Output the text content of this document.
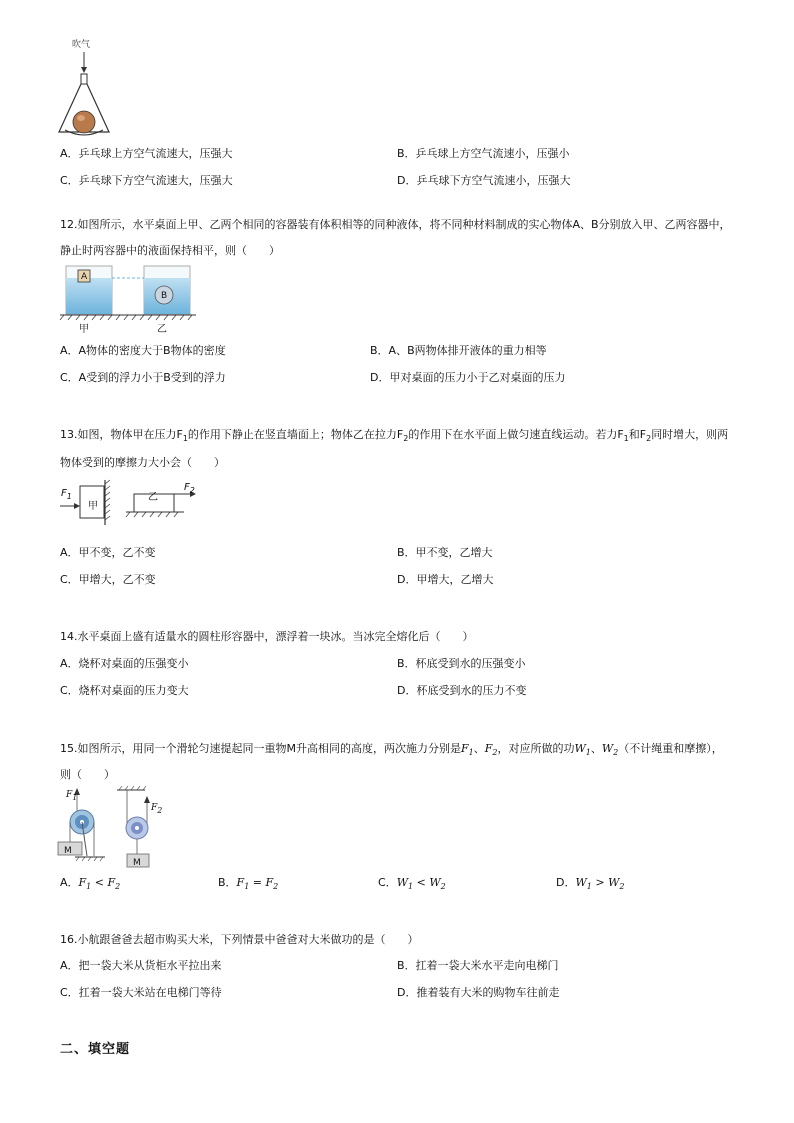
吹气
A．乒乓球上方空气流速大，压强大	B．乒乓球上方空气流速小，压强小
C．乒乓球下方空气流速大，压强大	D．乒乓球下方空气流速小，压强大
12.如图所示，水平桌面上甲、乙两个相同的容器装有体积相等的同种液体，将不同种材料制成的实心物体A、B分别放入甲、乙两容器中，
静止时两容器中的液面保持相平，则（　　）
A
B
甲	乙
A．A物体的密度大于B物体的密度	B．A、B两物体排开液体的重力相等
C．A受到的浮力小于B受到的浮力	D．甲对桌面的压力小于乙对桌面的压力
13.如图，物体甲在压力$F_1$的作用下静止在竖直墙面上；物体乙在拉力$F_2$的作用下在水平面上做匀速直线运动。若力$F_1$和$F_2$同时增大，则两
物体受到的摩擦力大小会（　　）
$F_1$
甲
乙
$F_2$
A．甲不变，乙不变	B．甲不变，乙增大
C．甲增大，乙不变	D．甲增大，乙增大
14.水平桌面上盛有适量水的圆柱形容器中，漂浮着一块冰。当冰完全熔化后（　　）
A．烧杯对桌面的压强变小	B．杯底受到水的压强变小
C．烧杯对桌面的压力变大	D．杯底受到水的压力不变
15.如图所示，用同一个滑轮匀速提起同一重物M升高相同的高度，两次施力分别是$F_1$、$F_2$，对应所做的功$W_1$、$W_2$（不计绳重和摩擦），
则（　　）
$F_1$
$F_2$
M
M
A．$F_1 < F_2$	B．$F_1 = F_2$	C．$W_1 < W_2$	D．$W_1 > W_2$
16.小航跟爸爸去超市购买大米，下列情景中爸爸对大米做功的是（　　）
A．把一袋大米从货柜水平拉出来	B．扛着一袋大米水平走向电梯门
C．扛着一袋大米站在电梯门等待	D．推着装有大米的购物车往前走
二、填空题
